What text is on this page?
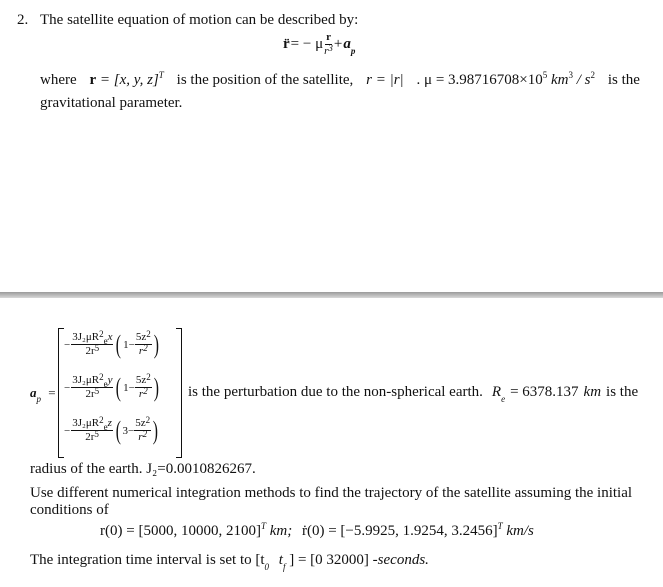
2. The satellite equation of motion can be described by:
r̈ = − μ $\frac{r}{r^3} + a_p$
where r = [x, y, z]$^T$ is the position of the satellite, r = |r| . $\mu = 3.98716708\times 10^5$ $km^3 / s^2$ is the
gravitational parameter.
$a_p$ =
− $\frac{3J_2\mu R^2_ex}{2r^5}$ ( $1 - \frac{5z^2}{r^2}$ )
− $\frac{3J_2\mu R^2_ey}{2r^5}$ ( $1 - \frac{5z^2}{r^2}$ )
− $\frac{3J_2\mu R^2_ez}{2r^5}$ ( $3 - \frac{5z^2}{r^2}$ )
is the perturbation due to the non-spherical earth. $R_e = 6378.137$ km is the
radius of the earth. J₂=0.0010826267.
Use different numerical integration methods to find the trajectory of the satellite assuming the initial
conditions of
r(0) = [5000, 10000, 2100]$^T$ km; ṙ(0) = [−5.9925, 1.9254, 3.2456]$^T$ km/s
The integration time interval is set to [$t_0$ $t_f$ ] = [0 32000] -seconds.
